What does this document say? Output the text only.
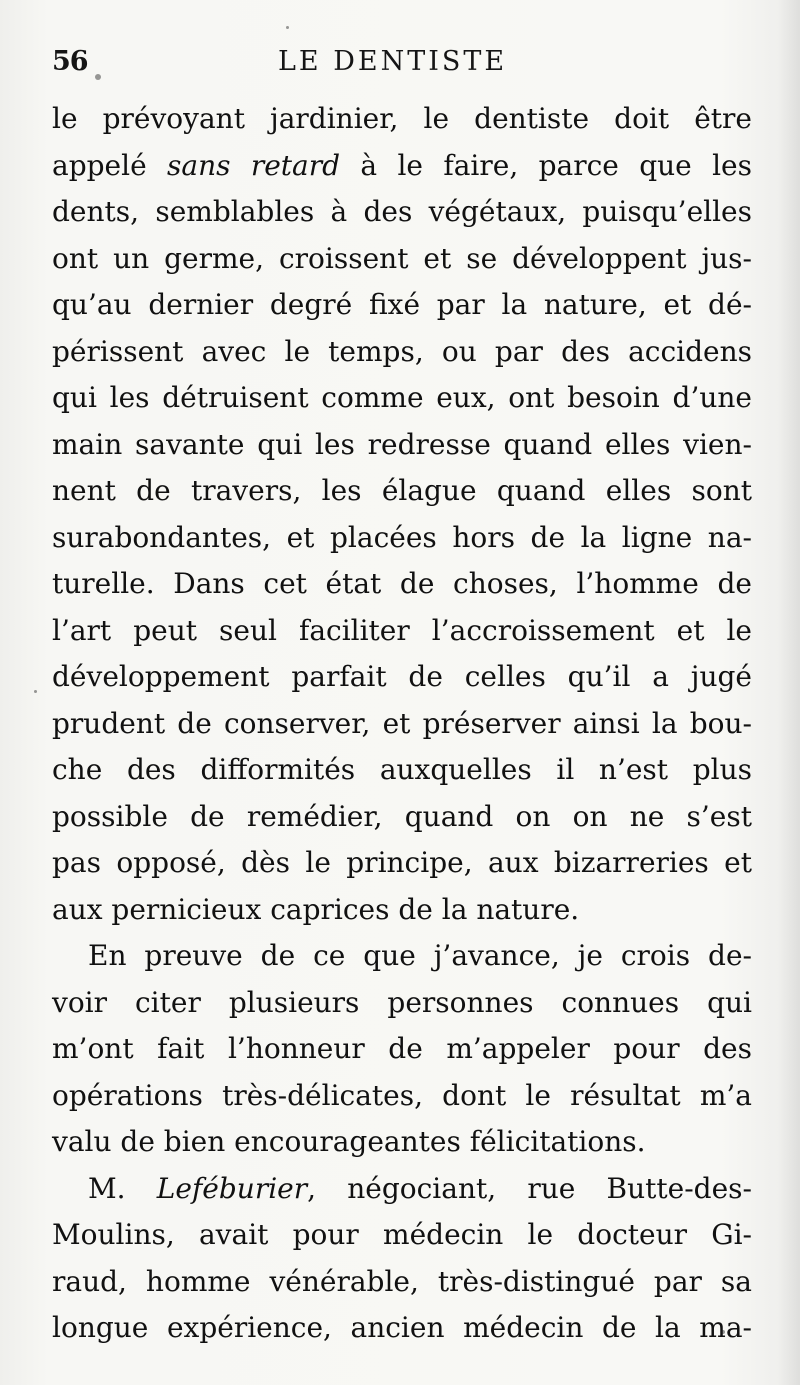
56	LE DENTISTE
le prévoyant jardinier, le dentiste doit être
appelé sans retard à le faire, parce que les
dents, semblables à des végétaux, puisqu’elles
ont un germe, croissent et se développent jus-
qu’au dernier degré fixé par la nature, et dé-
périssent avec le temps, ou par des accidens
qui les détruisent comme eux, ont besoin d’une
main savante qui les redresse quand elles vien-
nent de travers, les élague quand elles sont
surabondantes, et placées hors de la ligne na-
turelle. Dans cet état de choses, l’homme de
l’art peut seul faciliter l’accroissement et le
développement parfait de celles qu’il a jugé
prudent de conserver, et préserver ainsi la bou-
che des difformités auxquelles il n’est plus
possible de remédier, quand on on ne s’est
pas opposé, dès le principe, aux bizarreries et
aux pernicieux caprices de la nature.
En preuve de ce que j’avance, je crois de-
voir citer plusieurs personnes connues qui
m’ont fait l’honneur de m’appeler pour des
opérations très-délicates, dont le résultat m’a
valu de bien encourageantes félicitations.
M. Leféburier, négociant, rue Butte-des-
Moulins, avait pour médecin le docteur Gi-
raud, homme vénérable, très-distingué par sa
longue expérience, ancien médecin de la ma-
